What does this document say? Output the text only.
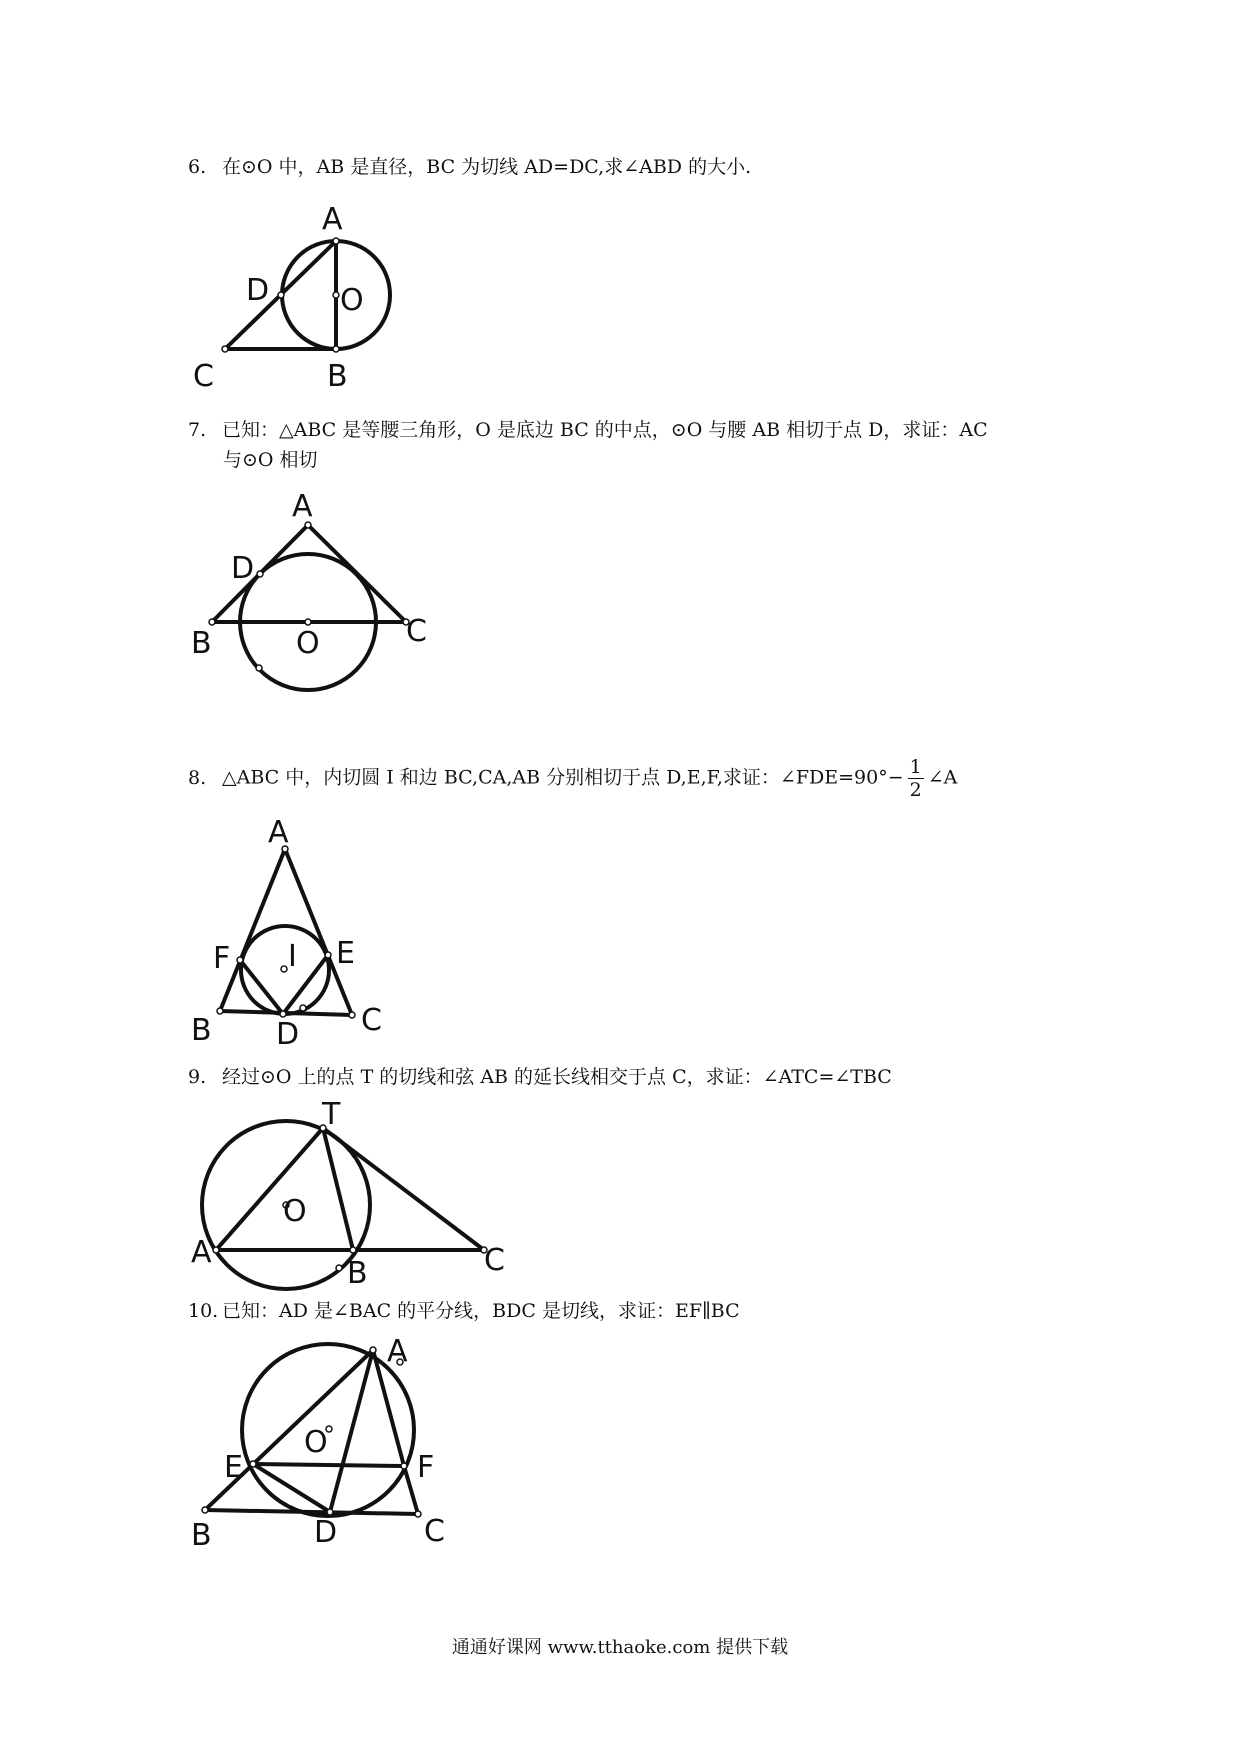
6. 在⊙O 中，AB 是直径，BC 为切线 AD=DC,求∠ABD 的大小.
A
D O
C	B
7. 已知：△ABC 是等腰三角形，O 是底边 BC 的中点，⊙O 与腰 AB 相切于点 D，求证：AC
与⊙O 相切
A
D
B	O	C
8. △ABC 中，内切圆 I 和边 BC,CA,AB 分别相切于点 D,E,F,求证：∠FDE=90°− $\frac{1}{2}$ ∠A
A
F I E
B D C
9. 经过⊙O 上的点 T 的切线和弦 AB 的延长线相交于点 C，求证：∠ATC=∠TBC
T
O
A
B	C
10. 已知：AD 是∠BAC 的平分线，BDC 是切线，求证：EF∥BC
A
O
E	F
B	D	C
通通好课网 www.tthaoke.com 提供下载
